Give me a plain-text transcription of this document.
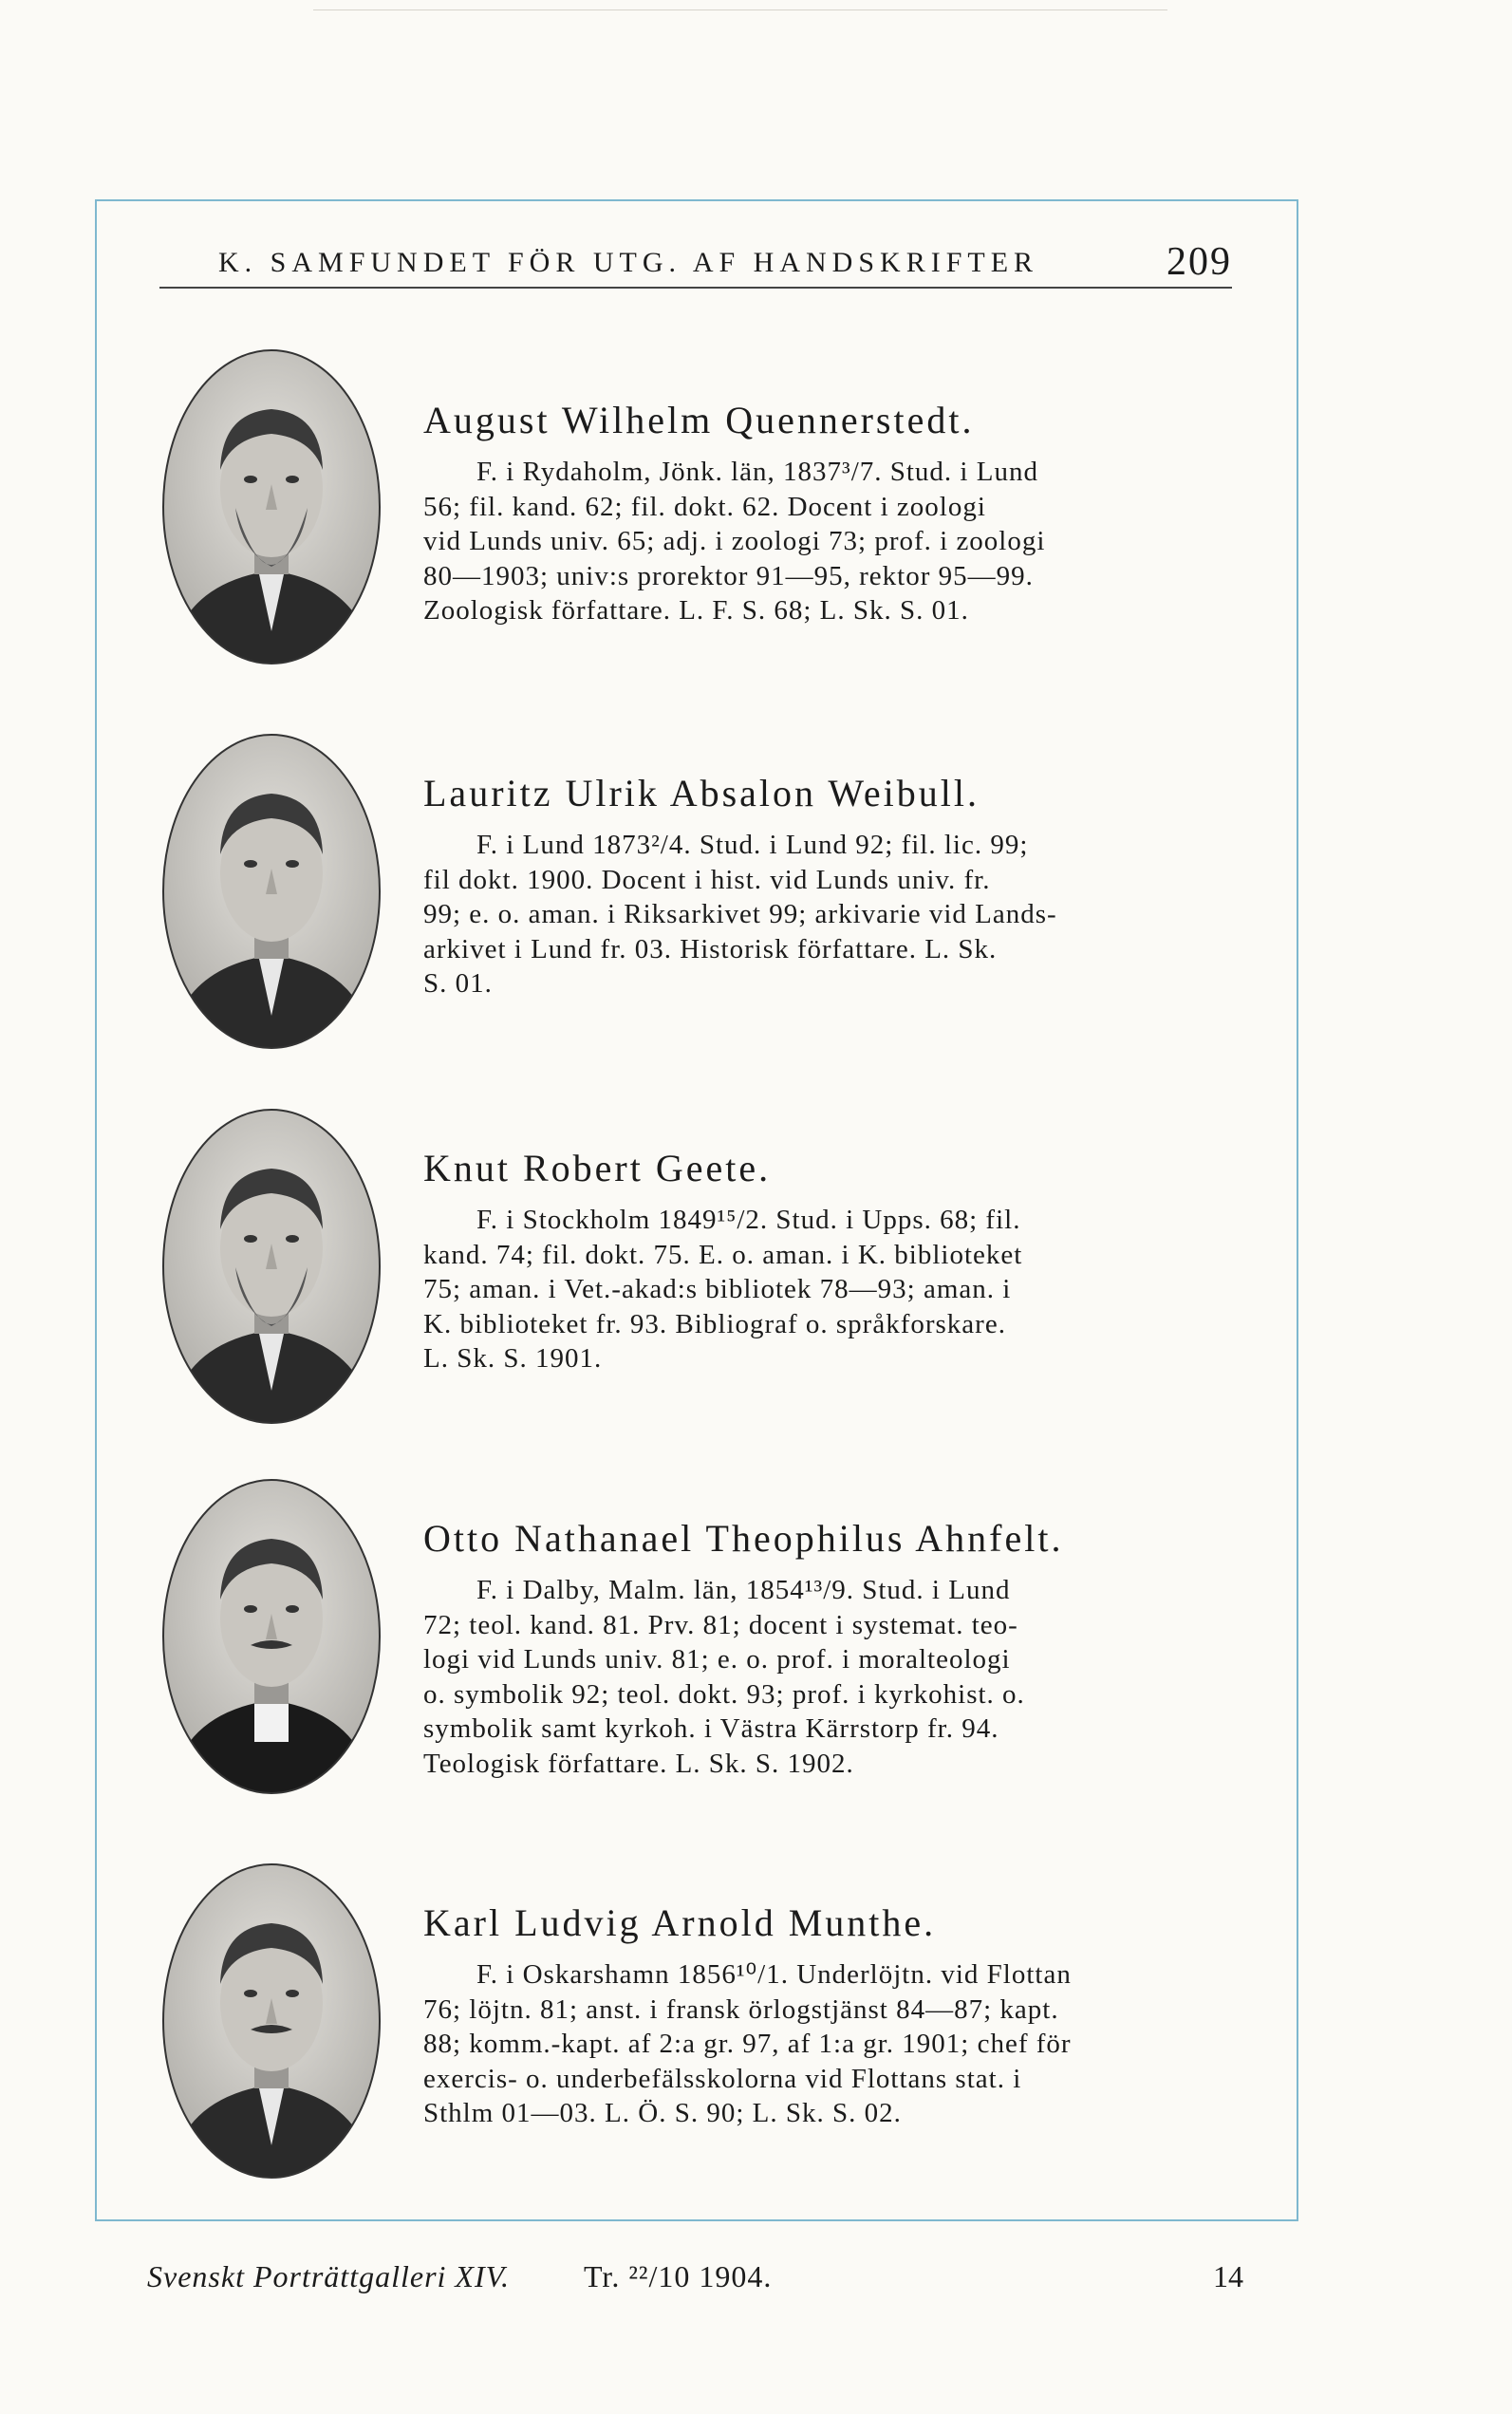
K. SAMFUNDET FÖR UTG. AF HANDSKRIFTER	209
August Wilhelm Quennerstedt.
F. i Rydaholm, Jönk. län, 1837³/7. Stud. i Lund
56; fil. kand. 62; fil. dokt. 62. Docent i zoologi
vid Lunds univ. 65; adj. i zoologi 73; prof. i zoologi
80—1903; univ:s prorektor 91—95, rektor 95—99.
Zoologisk författare. L. F. S. 68; L. Sk. S. 01.
Lauritz Ulrik Absalon Weibull.
F. i Lund 1873²/4. Stud. i Lund 92; fil. lic. 99;
fil dokt. 1900. Docent i hist. vid Lunds univ. fr.
99; e. o. aman. i Riksarkivet 99; arkivarie vid Lands-
arkivet i Lund fr. 03. Historisk författare. L. Sk.
S. 01.
Knut Robert Geete.
F. i Stockholm 1849¹⁵/2. Stud. i Upps. 68; fil.
kand. 74; fil. dokt. 75. E. o. aman. i K. biblioteket
75; aman. i Vet.-akad:s bibliotek 78—93; aman. i
K. biblioteket fr. 93. Bibliograf o. språkforskare.
L. Sk. S. 1901.
Otto Nathanael Theophilus Ahnfelt.
F. i Dalby, Malm. län, 1854¹³/9. Stud. i Lund
72; teol. kand. 81. Prv. 81; docent i systemat. teo-
logi vid Lunds univ. 81; e. o. prof. i moralteologi
o. symbolik 92; teol. dokt. 93; prof. i kyrkohist. o.
symbolik samt kyrkoh. i Västra Kärrstorp fr. 94.
Teologisk författare. L. Sk. S. 1902.
Karl Ludvig Arnold Munthe.
F. i Oskarshamn 1856¹⁰/1. Underlöjtn. vid Flottan
76; löjtn. 81; anst. i fransk örlogstjänst 84—87; kapt.
88; komm.-kapt. af 2:a gr. 97, af 1:a gr. 1901; chef för
exercis- o. underbefälsskolorna vid Flottans stat. i
Sthlm 01—03. L. Ö. S. 90; L. Sk. S. 02.
Svenskt Porträttgalleri XIV. Tr. ²²/10 1904.	14
